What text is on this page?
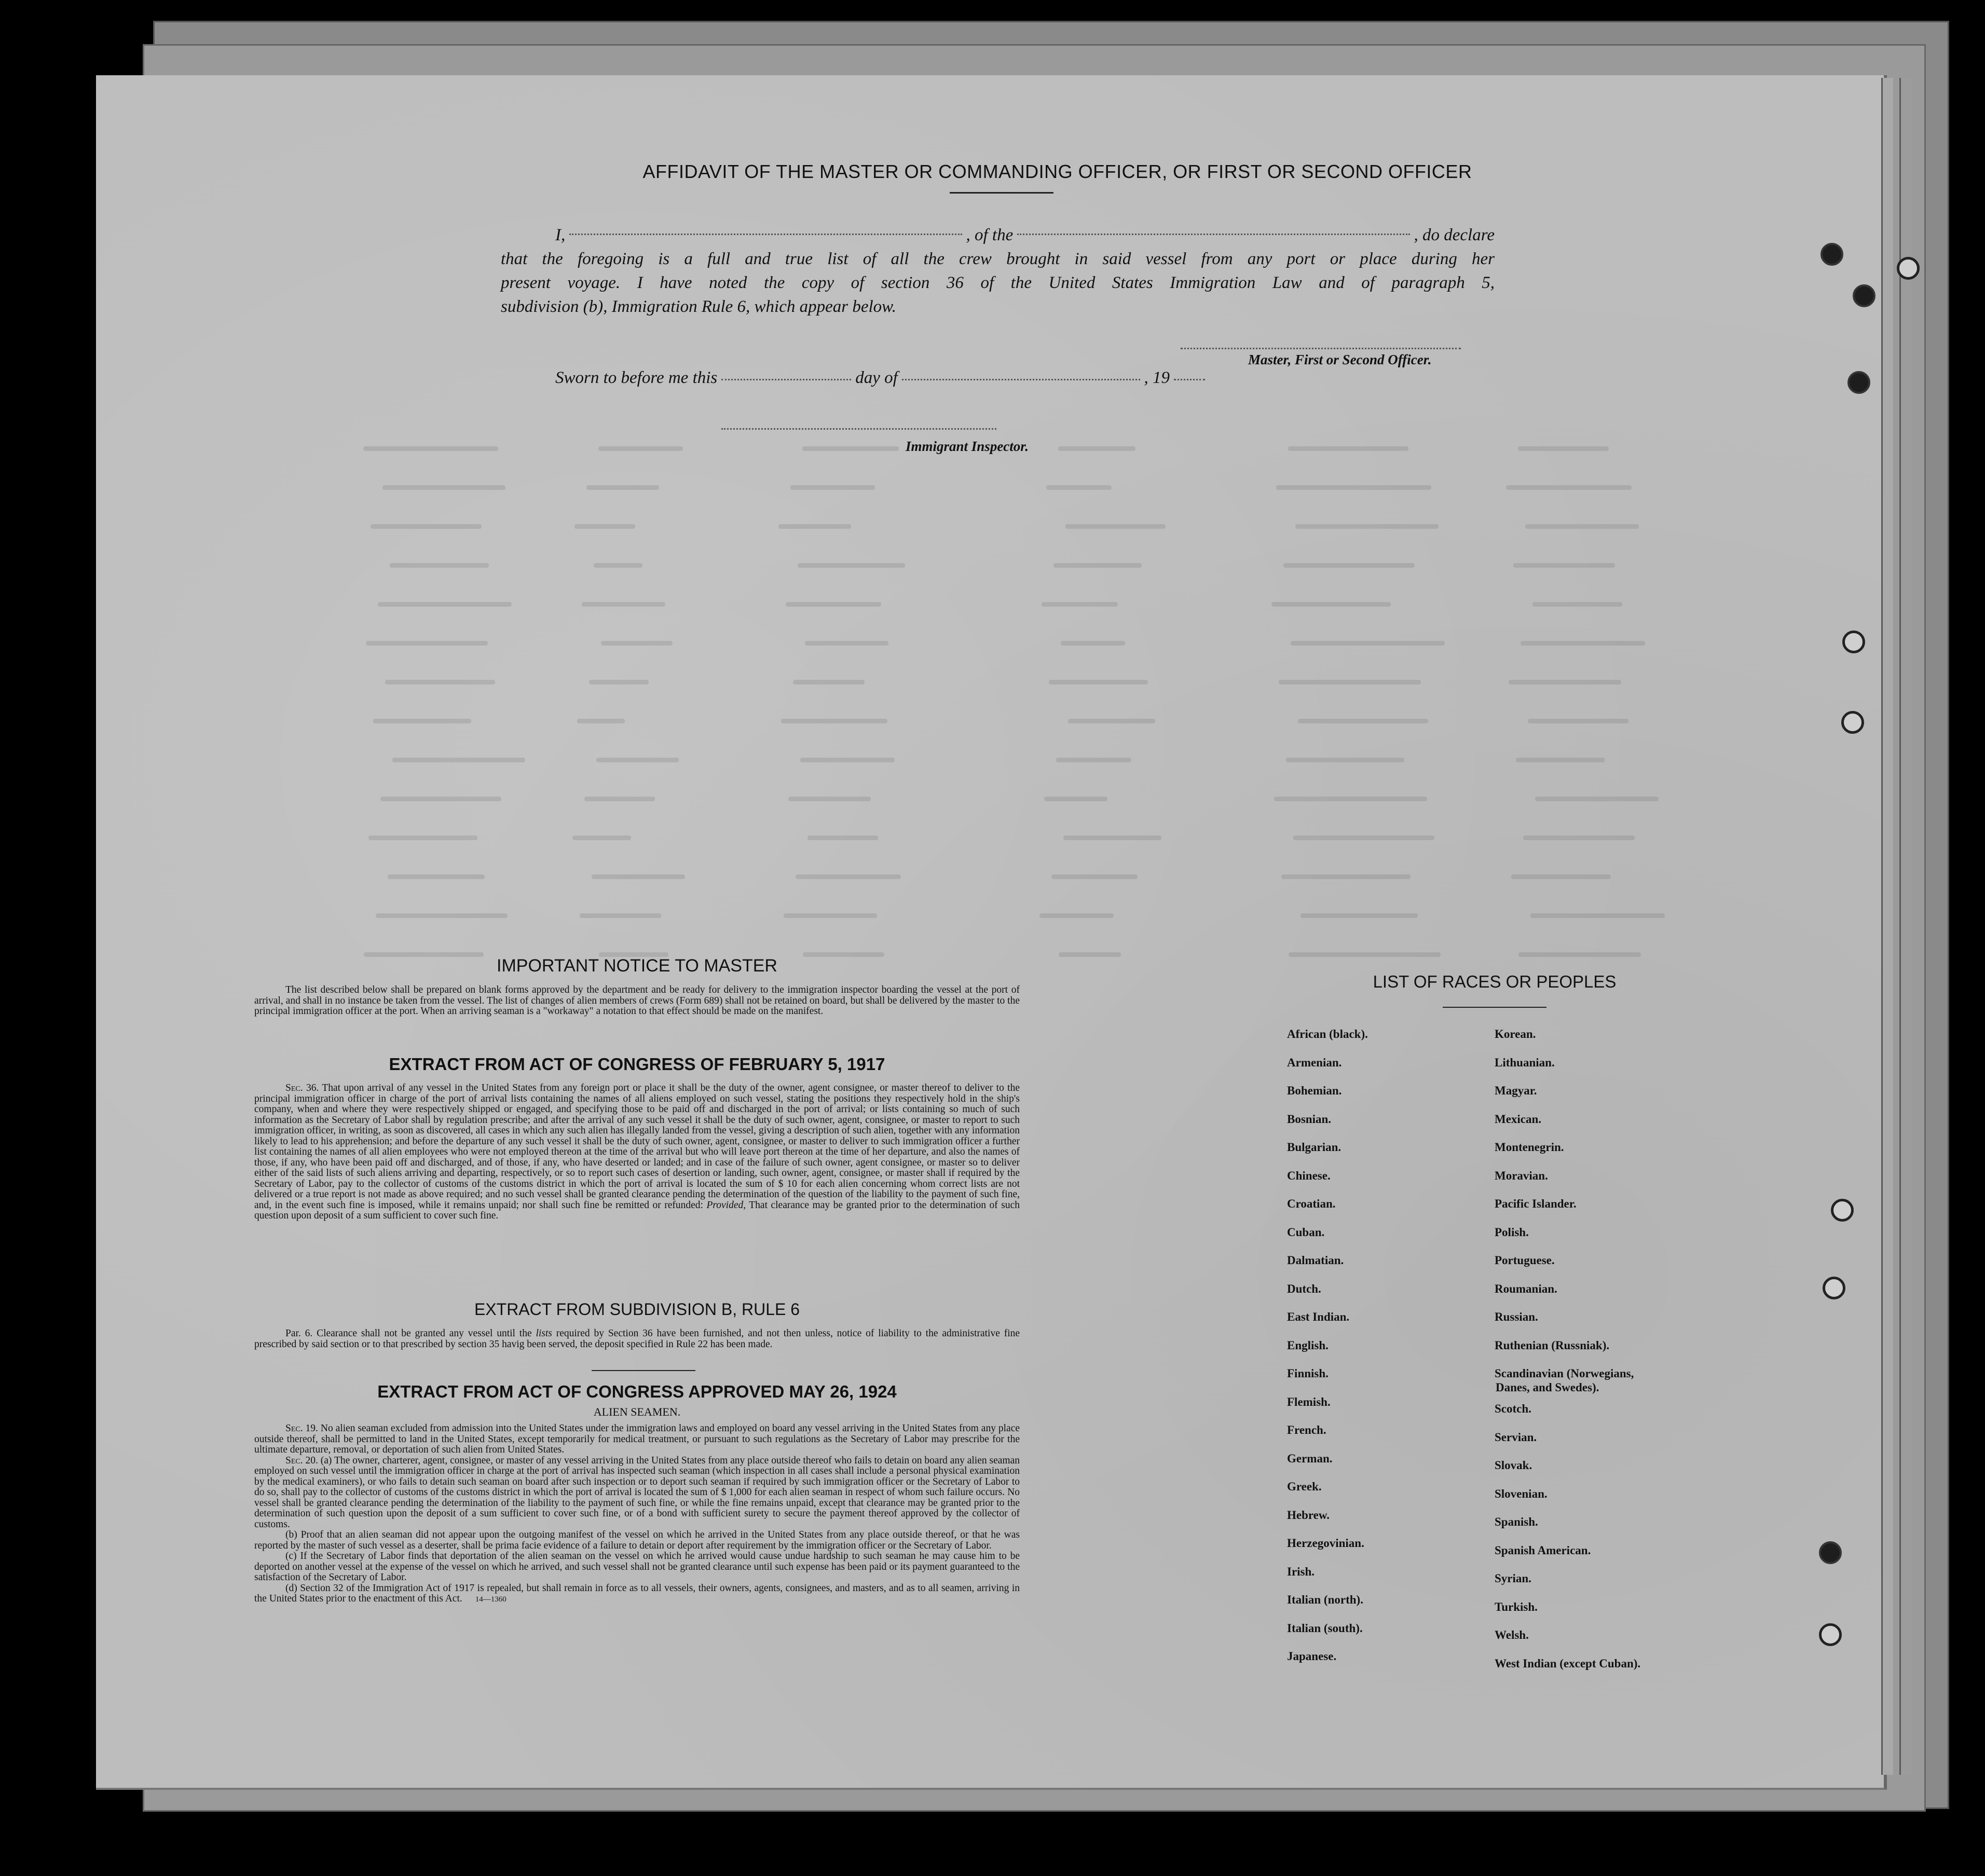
AFFIDAVIT OF THE MASTER OR COMMANDING OFFICER, OR FIRST OR SECOND OFFICER
I,	, of the	, do declare
that the foregoing is a full and true list of all the crew brought in said vessel from any port or place during her
present voyage. I have noted the copy of section 36 of the United States Immigration Law and of paragraph 5,
subdivision (b), Immigration Rule 6, which appear below.
Master, First or Second Officer.
Sworn to before me this	day of	, 19
Immigrant Inspector.
IMPORTANT NOTICE TO MASTER

The list described below shall be prepared on blank forms approved by the department and be ready for delivery to the immigration inspector boarding the vessel at the port of arrival, and shall in no instance be taken from the vessel. The list of changes of alien members of crews (Form 689) shall not be retained on board, but shall be delivered by the master to the principal immigration officer at the port. When an arriving seaman is a "workaway" a notation to that effect should be made on the manifest.

EXTRACT FROM ACT OF CONGRESS OF FEBRUARY 5, 1917

Sec. 36. That upon arrival of any vessel in the United States from any foreign port or place it shall be the duty of the owner, agent consignee, or master thereof to deliver to the principal immigration officer in charge of the port of arrival lists containing the names of all aliens employed on such vessel, stating the positions they respectively hold in the ship's company, when and where they were respectively shipped or engaged, and specifying those to be paid off and discharged in the port of arrival; or lists containing so much of such information as the Secretary of Labor shall by regulation prescribe; and after the arrival of any such vessel it shall be the duty of such owner, agent, consignee, or master to report to such immigration officer, in writing, as soon as discovered, all cases in which any such alien has illegally landed from the vessel, giving a description of such alien, together with any information likely to lead to his apprehension; and before the departure of any such vessel it shall be the duty of such owner, agent, consignee, or master to deliver to such immigration officer a further list containing the names of all alien employees who were not employed thereon at the time of the arrival but who will leave port thereon at the time of her departure, and also the names of those, if any, who have been paid off and discharged, and of those, if any, who have deserted or landed; and in case of the failure of such owner, agent consignee, or master so to deliver either of the said lists of such aliens arriving and departing, respectively, or so to report such cases of desertion or landing, such owner, agent, consignee, or master shall if required by the Secretary of Labor, pay to the collector of customs of the customs district in which the port of arrival is located the sum of $ 10 for each alien concerning whom correct lists are not delivered or a true report is not made as above required; and no such vessel shall be granted clearance pending the determination of the question of the liability to the payment of such fine, and, in the event such fine is imposed, while it remains unpaid; nor shall such fine be remitted or refunded: Provided, That clearance may be granted prior to the determination of such question upon deposit of a sum sufficient to cover such fine.

EXTRACT FROM SUBDIVISION B, RULE 6

Par. 6. Clearance shall not be granted any vessel until the lists required by Section 36 have been furnished, and not then unless, notice of liability to the administrative fine prescribed by said section or to that prescribed by section 35 havig been served, the deposit specified in Rule 22 has been made.

EXTRACT FROM ACT OF CONGRESS APPROVED MAY 26, 1924
ALIEN SEAMEN.

Sec. 19. No alien seaman excluded from admission into the United States under the immigration laws and employed on board any vessel arriving in the United States from any place outside thereof, shall be permitted to land in the United States, except temporarily for medical treatment, or pursuant to such regulations as the Secretary of Labor may prescribe for the ultimate departure, removal, or deportation of such alien from United States.

Sec. 20. (a) The owner, charterer, agent, consignee, or master of any vessel arriving in the United States from any place outside thereof who fails to detain on board any alien seaman employed on such vessel until the immigration officer in charge at the port of arrival has inspected such seaman (which inspection in all cases shall include a personal physical examination by the medical examiners), or who fails to detain such seaman on board after such inspection or to deport such seaman if required by such immigration officer or the Secretary of Labor to do so, shall pay to the collector of customs of the customs district in which the port of arrival is located the sum of $ 1,000 for each alien seaman in respect of whom such failure occurs. No vessel shall be granted clearance pending the determination of the liability to the payment of such fine, or while the fine remains unpaid, except that clearance may be granted prior to the determination of such question upon the deposit of a sum sufficient to cover such fine, or of a bond with sufficient surety to secure the payment thereof approved by the collector of customs.

(b) Proof that an alien seaman did not appear upon the outgoing manifest of the vessel on which he arrived in the United States from any place outside thereof, or that he was reported by the master of such vessel as a deserter, shall be prima facie evidence of a failure to detain or deport after requirement by the immigration officer or the Secretary of Labor.

(c) If the Secretary of Labor finds that deportation of the alien seaman on the vessel on which he arrived would cause undue hardship to such seaman he may cause him to be deported on another vessel at the expense of the vessel on which he arrived, and such vessel shall not be granted clearance until such expense has been paid or its payment guaranteed to the satisfaction of the Secretary of Labor.

(d) Section 32 of the Immigration Act of 1917 is repealed, but shall remain in force as to all vessels, their owners, agents, consignees, and masters, and as to all seamen, arriving in the United States prior to the enactment of this Act. 14—1360

LIST OF RACES OR PEOPLES
African (black).
Armenian.
Bohemian.
Bosnian.
Bulgarian.
Chinese.
Croatian.
Cuban.
Dalmatian.
Dutch.
East Indian.
English.
Finnish.
Flemish.
French.
German.
Greek.
Hebrew.
Herzegovinian.
Irish.
Italian (north).
Italian (south).
Japanese.
Korean.
Lithuanian.
Magyar.
Mexican.
Montenegrin.
Moravian.
Pacific Islander.
Polish.
Portuguese.
Roumanian.
Russian.
Ruthenian (Russniak).
Scandinavian (Norwegians,
Danes, and Swedes).
Scotch.
Servian.
Slovak.
Slovenian.
Spanish.
Spanish American.
Syrian.
Turkish.
Welsh.
West Indian (except Cuban).
